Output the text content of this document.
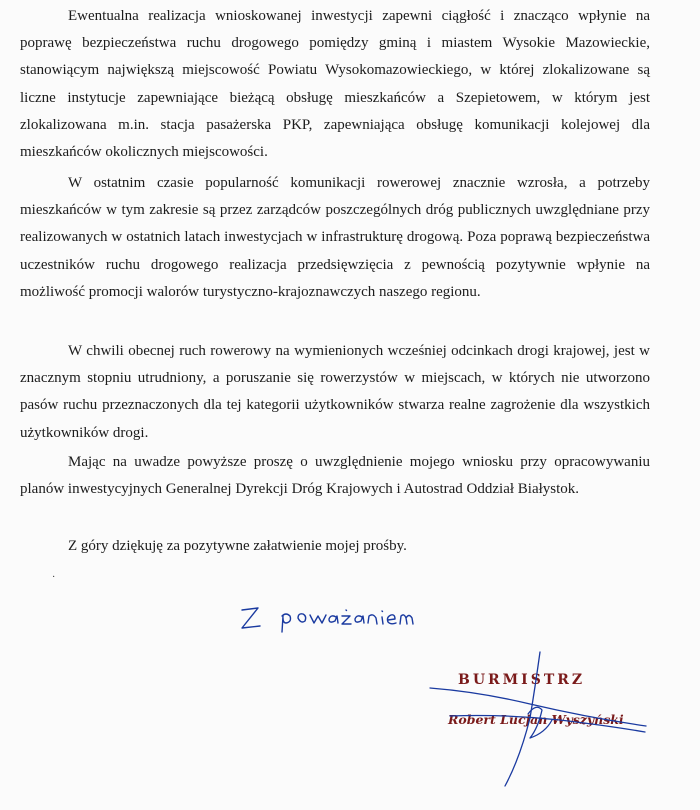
Ewentualna realizacja wnioskowanej inwestycji zapewni ciągłość i znacząco wpłynie na poprawę bezpieczeństwa ruchu drogowego pomiędzy gminą i miastem Wysokie Mazowieckie, stanowiącym największą miejscowość Powiatu Wysokomazowieckiego, w której zlokalizowane są liczne instytucje zapewniające bieżącą obsługę mieszkańców a Szepietowem, w którym jest zlokalizowana m.in. stacja pasażerska PKP, zapewniająca obsługę komunikacji kolejowej dla mieszkańców okolicznych miejscowości.

W ostatnim czasie popularność komunikacji rowerowej znacznie wzrosła, a potrzeby mieszkańców w tym zakresie są przez zarządców poszczególnych dróg publicznych uwzględniane przy realizowanych w ostatnich latach inwestycjach w infrastrukturę drogową. Poza poprawą bezpieczeństwa uczestników ruchu drogowego realizacja przedsięwzięcia z pewnością pozytywnie wpłynie na możliwość promocji walorów turystyczno-krajoznawczych naszego regionu.

W chwili obecnej ruch rowerowy na wymienionych wcześniej odcinkach drogi krajowej, jest w znacznym stopniu utrudniony, a poruszanie się rowerzystów w miejscach, w których nie utworzono pasów ruchu przeznaczonych dla tej kategorii użytkowników stwarza realne zagrożenie dla wszystkich użytkowników drogi.

Mając na uwadze powyższe proszę o uwzględnienie mojego wniosku przy opracowywaniu planów inwestycyjnych Generalnej Dyrekcji Dróg Krajowych i Autostrad Oddział Białystok.

Z góry dziękuję za pozytywne załatwienie mojej prośby.

·
BURMISTRZ
Robert Lucjan Wyszyński
